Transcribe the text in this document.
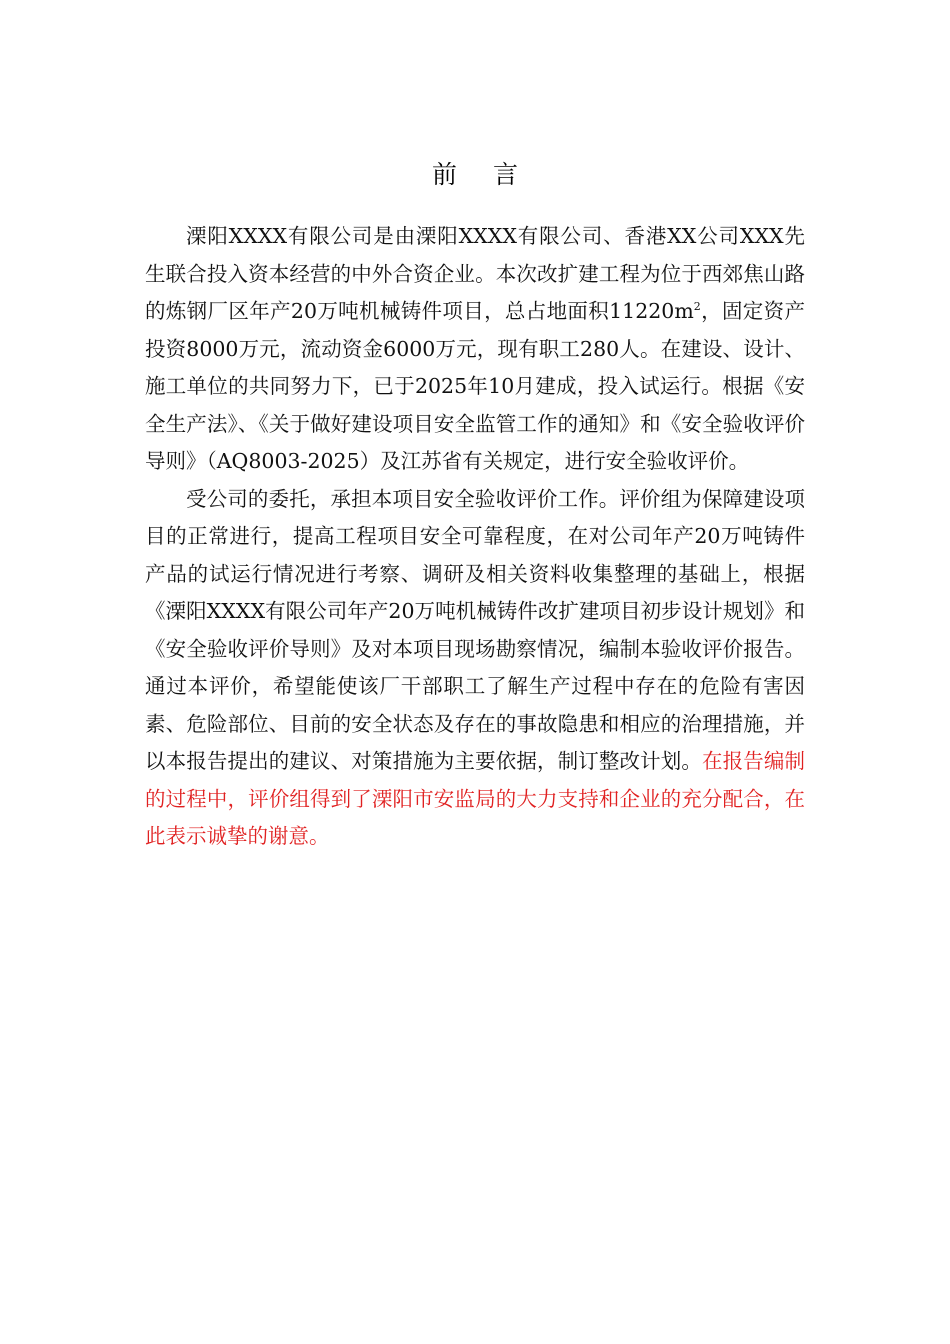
前 言

溧阳XXXX有限公司是由溧阳XXXX有限公司、香港XX公司XXX先生联合投入资本经营的中外合资企业。本次改扩建工程为位于西郊焦山路的炼钢厂区年产20万吨机械铸件项目，总占地面积$11220m^2$，固定资产投资8000万元，流动资金6000万元，现有职工280人。在建设、设计、施工单位的共同努力下，已于2025年10月建成，投入试运行。根据《安全生产法》、《关于做好建设项目安全监管工作的通知》和《安全验收评价导则》（AQ8003-2025）及江苏省有关规定，进行安全验收评价。

受公司的委托，承担本项目安全验收评价工作。评价组为保障建设项目的正常进行，提高工程项目安全可靠程度，在对公司年产20万吨铸件产品的试运行情况进行考察、调研及相关资料收集整理的基础上，根据《溧阳XXXX有限公司年产20万吨机械铸件改扩建项目初步设计规划》和《安全验收评价导则》及对本项目现场勘察情况，编制本验收评价报告。通过本评价，希望能使该厂干部职工了解生产过程中存在的危险有害因素、危险部位、目前的安全状态及存在的事故隐患和相应的治理措施，并以本报告提出的建议、对策措施为主要依据，制订整改计划。在报告编制的过程中，评价组得到了溧阳市安监局的大力支持和企业的充分配合，在此表示诚挚的谢意。
